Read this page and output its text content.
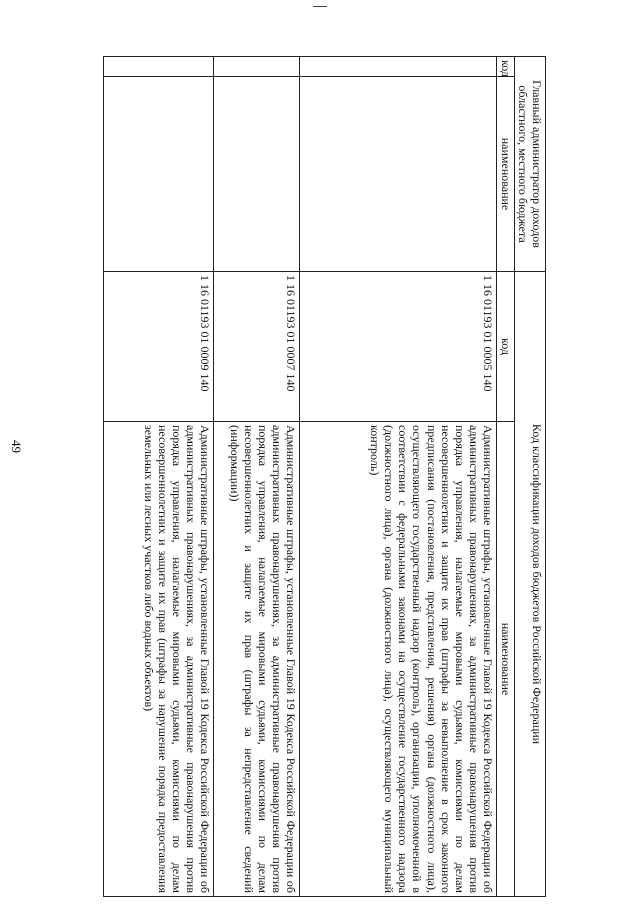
49
Главный администратор доходов областного, местного бюджета		Код классификации доходов бюджетов Российской Федерации	
код	наименование	код	наименование
		1 16 01193 01 0005 140	Административные штрафы, установленные Главой 19 Кодекса Российской Федерации об административных правонарушениях, за административные правонарушения против порядка управления, налагаемые мировыми судьями, комиссиями по делам несовершеннолетних и защите их прав (штрафы за невыполнение в срок законного предписания (постановления, представления, решения) органа (должностного лица), осуществляющего государственный надзор (контроль), организации, уполномоченной в соответствии с федеральными законами на осуществление государственного надзора (должностного лица), органа (должностного лица), осуществляющего муниципальный контроль)
		1 16 01193 01 0007 140	Административные штрафы, установленные Главой 19 Кодекса Российской Федерации об административных правонарушениях, за административные правонарушения против порядка управления, налагаемые мировыми судьями, комиссиями по делам несовершеннолетних и защите их прав (штрафы за непредставление сведений (информации))
		1 16 01193 01 0009 140	Административные штрафы, установленные Главой 19 Кодекса Российской Федерации об административных правонарушениях, за административные правонарушения против порядка управления, налагаемые мировыми судьями, комиссиями по делам несовершеннолетних и защите их прав (штрафы за нарушение порядка предоставления земельных или лесных участков либо водных объектов)
